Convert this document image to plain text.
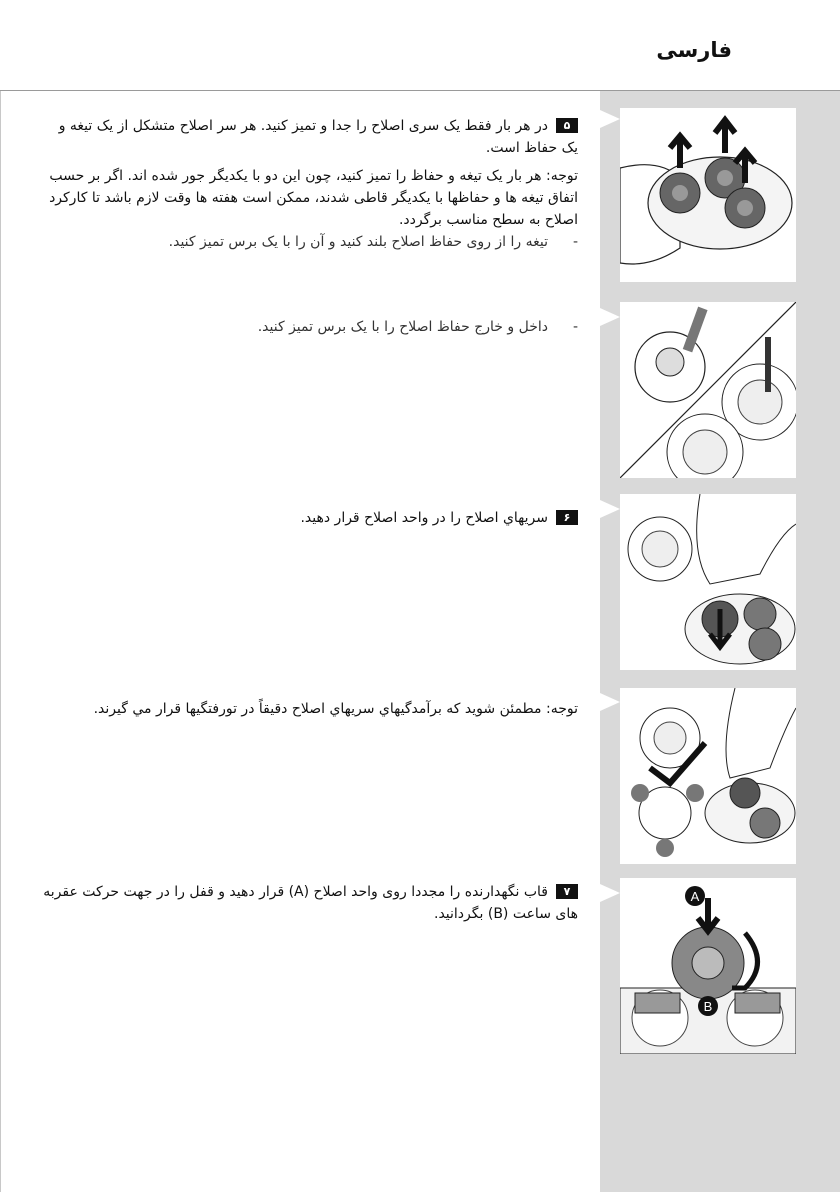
فارسی
A
B
۵در هر بار فقط یک سری اصلاح را جدا و تمیز کنید. هر سر اصلاح متشکل از یک تیغه و یک حفاظ است.
توجه: هر بار یک تیغه و حفاظ را تمیز کنید، چون این دو با یکدیگر جور شده اند. اگر بر حسب اتفاق تیغه ها و حفاظها با یکدیگر قاطی شدند، ممکن است هفته ها وقت لازم باشد تا کارکرد اصلاح به سطح مناسب برگردد.
-تیغه را از روی حفاظ اصلاح بلند کنید و آن را با یک برس تمیز کنید.
-داخل و خارج حفاظ اصلاح را با یک برس تمیز کنید.
۶سریهاي اصلاح را در واحد اصلاح قرار دهید.
توجه: مطمئن شوید که برآمدگیهاي سریهاي اصلاح دقیقاً در تورفتگیها قرار مي گیرند.
۷قاب نگهدارنده را مجددا روی واحد اصلاح (A) قرار دهید و قفل را در جهت حرکت عقربه های ساعت (B) بگردانید.
